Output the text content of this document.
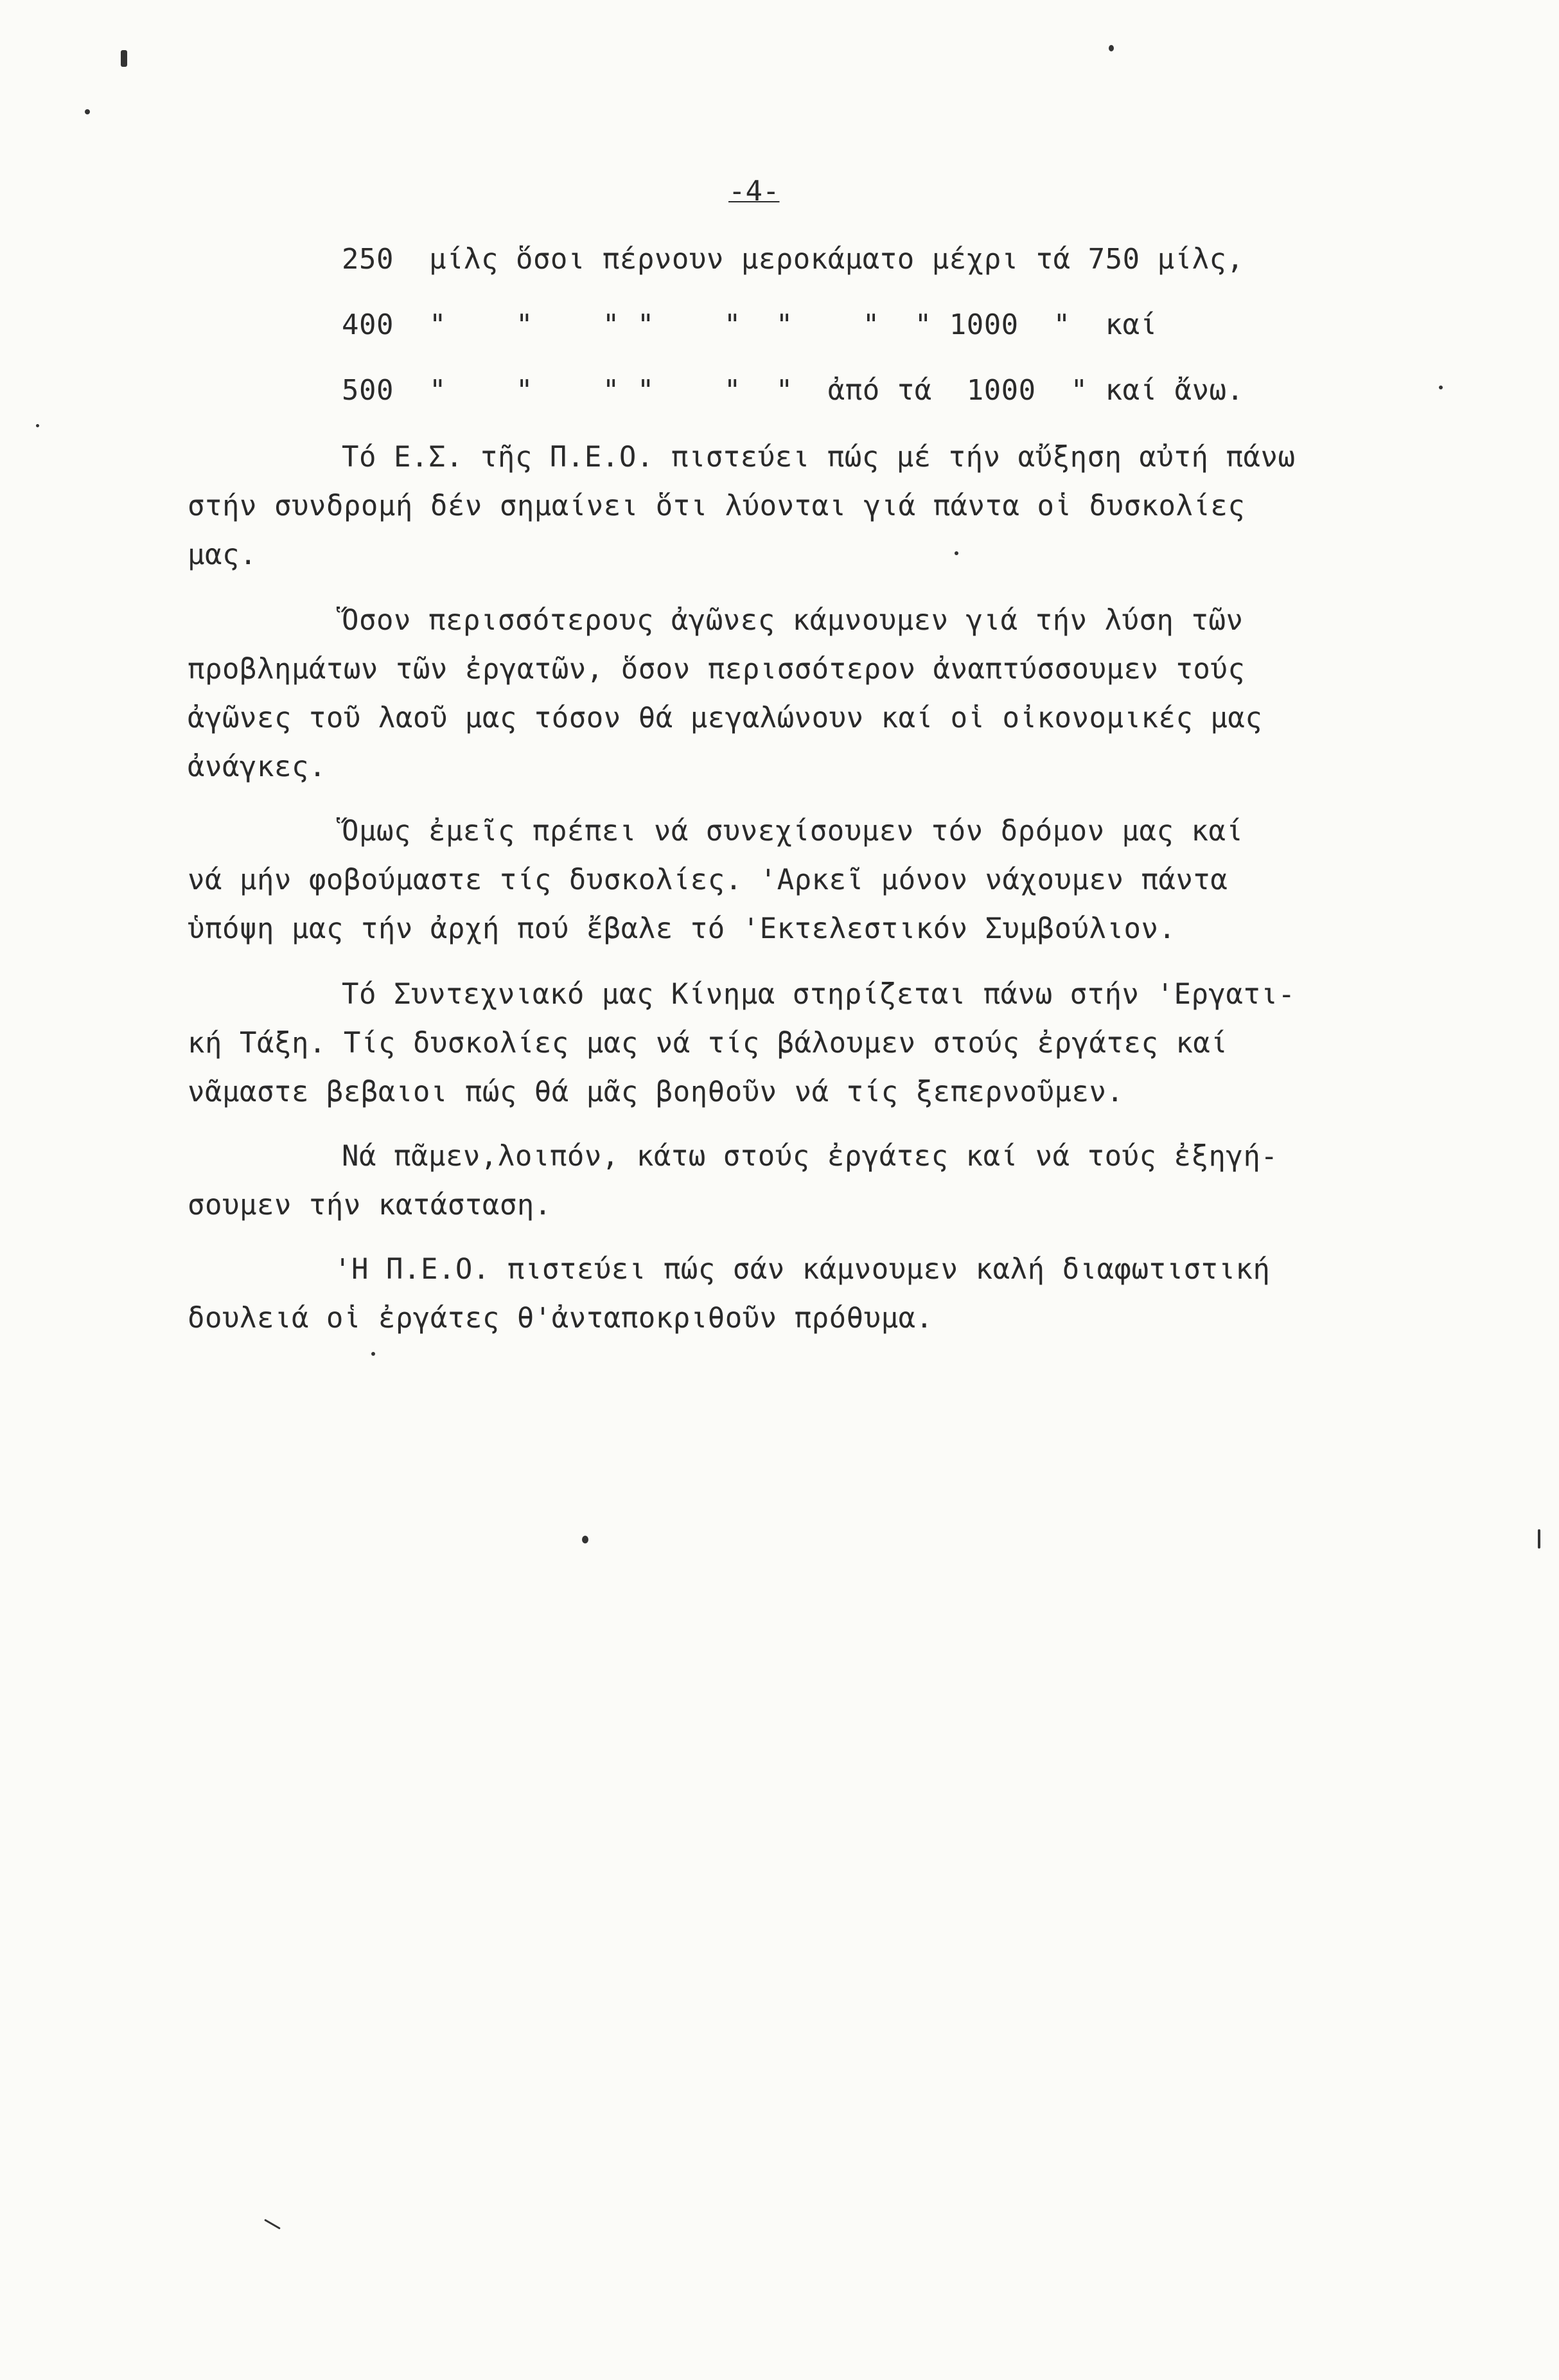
-4-
250 μίλς ὅσοι πέρνουν μεροκάματο μέχρι τά 750 μίλς,
400 "    "    " "    "  "    "  " 1000  "  καί
500 "    "    " "    "  "  ἀπό τά  1000  " καί ἄνω.
Τό Ε.Σ. τῆς Π.Ε.Ο. πιστεύει πώς μέ τήν αὔξηση αὐτή πάνω
στήν συνδρομή δέν σημαίνει ὅτι λύονται γιά πάντα οἱ δυσκολίες
μας.
Ὅσον περισσότερους ἀγῶνες κάμνουμεν γιά τήν λύση τῶν
προβλημάτων τῶν ἐργατῶν, ὅσον περισσότερον ἀναπτύσσουμεν τούς
ἀγῶνες τοῦ λαοῦ μας τόσον θά μεγαλώνουν καί οἱ οἰκονομικές μας
ἀνάγκες.
Ὅμως ἐμεῖς πρέπει νά συνεχίσουμεν τόν δρόμον μας καί
νά μήν φοβούμαστε τίς δυσκολίες. 'Αρκεῖ μόνον νάχουμεν πάντα
ὑπόψη μας τήν ἀρχή πού ἔβαλε τό 'Εκτελεστικόν Συμβούλιον.
Τό Συντεχνιακό μας Κίνημα στηρίζεται πάνω στήν 'Εργατι-
κή Τάξη. Τίς δυσκολίες μας νά τίς βάλουμεν στούς ἐργάτες καί
νᾶμαστε βεβαιοι πώς θά μᾶς βοηθοῦν νά τίς ξεπερνοῦμεν.
Νά πᾶμεν,λοιπόν, κάτω στούς ἐργάτες καί νά τούς ἐξηγή-
σουμεν τήν κατάσταση.
'Η Π.Ε.Ο. πιστεύει πώς σάν κάμνουμεν καλή διαφωτιστική
δουλειά οἱ ἐργάτες θ'ἀνταποκριθοῦν πρόθυμα.
